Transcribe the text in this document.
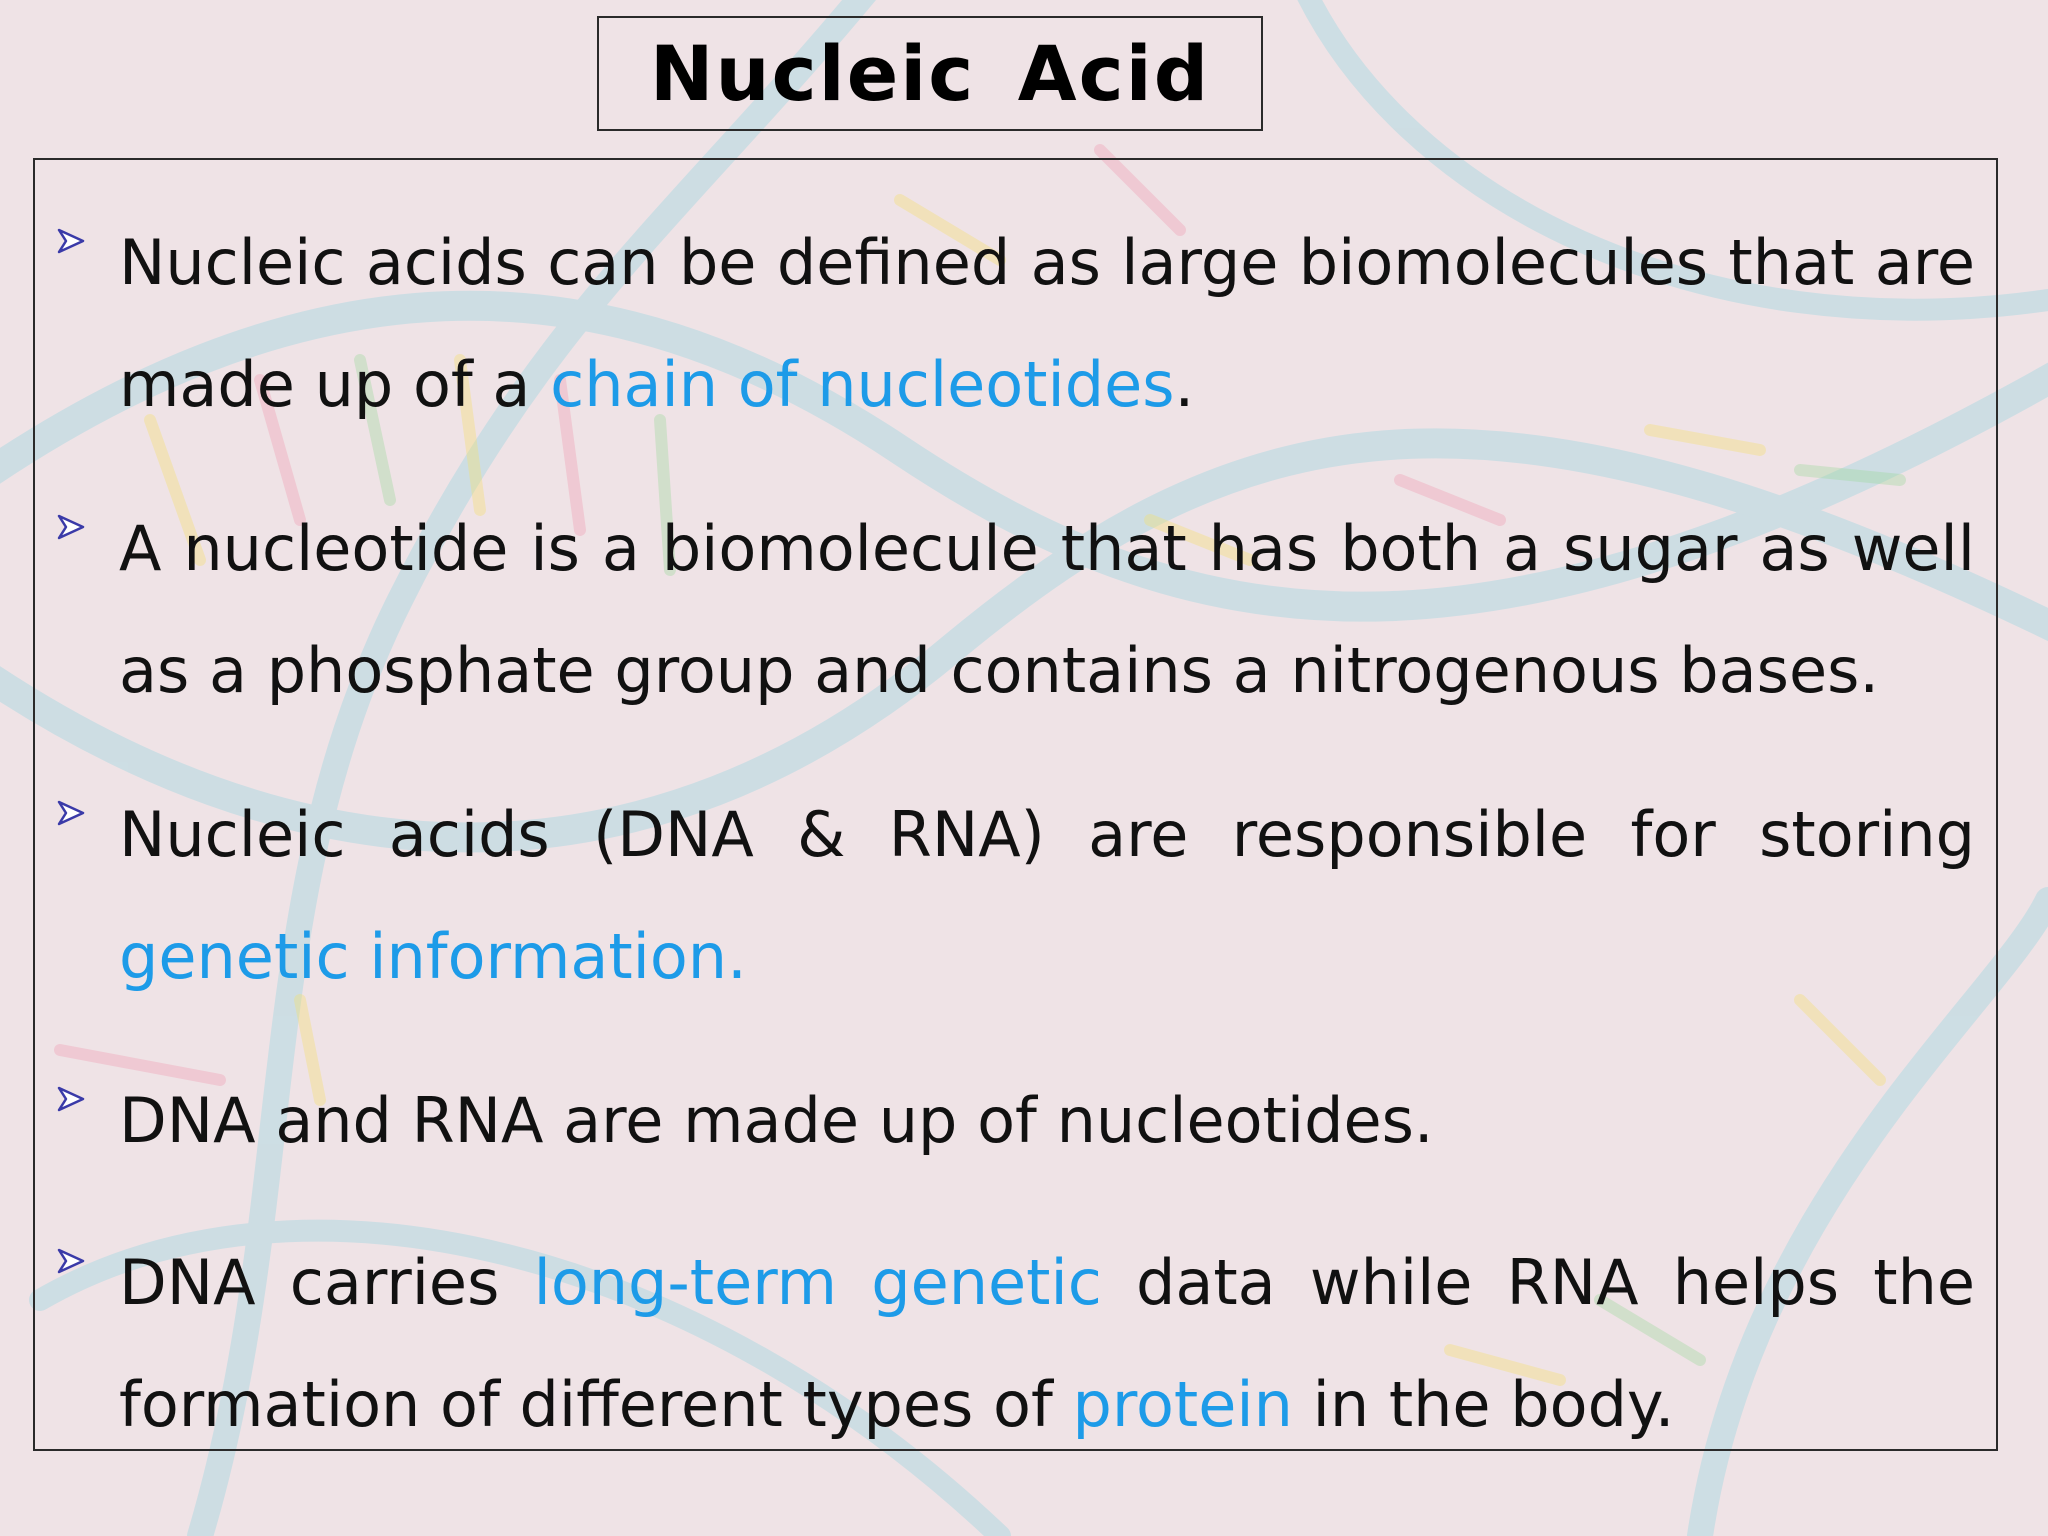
Nucleic Acid
Nucleic acids can be defined as large biomolecules that are made up of a chain of nucleotides.
A nucleotide is a biomolecule that has both a sugar as well as a phosphate group and contains a nitrogenous bases.
Nucleic acids (DNA & RNA) are responsible for storing genetic information.
DNA and RNA are made up of nucleotides.
DNA carries long-term genetic data while RNA helps the formation of different types of protein in the body.
